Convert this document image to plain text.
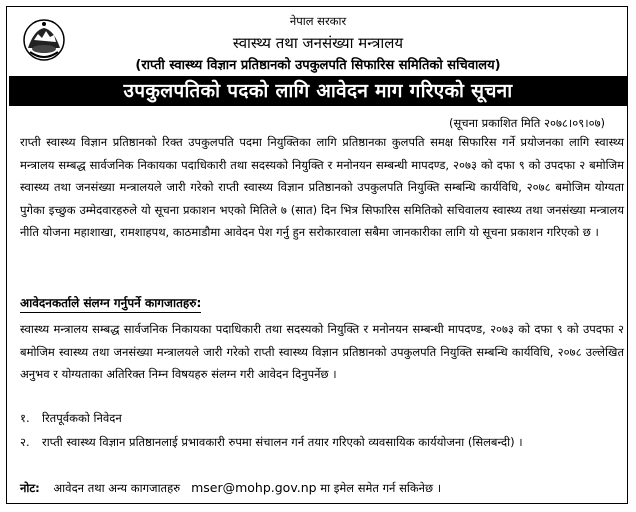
नेपाल सरकार
स्वास्थ्य तथा जनसंख्या मन्त्रालय
(राप्ती स्वास्थ्य विज्ञान प्रतिष्ठानको उपकुलपति सिफारिस समितिको सचिवालय)
उपकुलपतिको पदको लागि आवेदन माग गरिएको सूचना
(सूचना प्रकाशित मिति २०७८।०९।०७)

राप्ती स्वास्थ्य विज्ञान प्रतिष्ठानको रिक्त उपकुलपति पदमा नियुक्तिका लागि प्रतिष्ठानका कुलपति समक्ष सिफारिस गर्ने प्रयोजनका लागि स्वास्थ्य मन्त्रालय सम्बद्ध सार्वजनिक निकायका पदाधिकारी तथा सदस्यको नियुक्ति र मनोनयन सम्बन्धी मापदण्ड, २०७३ को दफा ९ को उपदफा २ बमोजिम स्वास्थ्य तथा जनसंख्या मन्त्रालयले जारी गरेको राप्ती स्वास्थ्य विज्ञान प्रतिष्ठानको उपकुलपति नियुक्ति सम्बन्धि कार्यविधि, २०७८ बमोजिम योग्यता पुगेका इच्छुक उम्मेदवारहरुले यो सूचना प्रकाशन भएको मितिले ७ (सात) दिन भित्र सिफारिस समितिको सचिवालय स्वास्थ्य तथा जनसंख्या मन्त्रालय नीति योजना महाशाखा, रामशाहपथ, काठमाडौमा आवेदन पेश गर्नु हुन सरोकारवाला सबैमा जानकारीका लागि यो सूचना प्रकाशन गरिएको छ ।

आवेदनकर्ताले संलग्न गर्नुपर्ने कागजातहरु:

स्वास्थ्य मन्त्रालय सम्बद्ध सार्वजनिक निकायका पदाधिकारी तथा सदस्यको नियुक्ति र मनोनयन सम्बन्धी मापदण्ड, २०७३ को दफा ९ को उपदफा २ बमोजिम स्वास्थ्य तथा जनसंख्या मन्त्रालयले जारी गरेको राप्ती स्वास्थ्य विज्ञान प्रतिष्ठानको उपकुलपति नियुक्ति सम्बन्धि कार्यविधि, २०७८ उल्लेखित अनुभव र योग्यताका अतिरिक्त निम्न विषयहरु संलग्न गरी आवेदन दिनुपर्नेछ ।

१. रितपूर्वकको निवेदन
२. राप्ती स्वास्थ्य विज्ञान प्रतिष्ठानलाई प्रभावकारी रुपमा संचालन गर्न तयार गरिएको व्यवसायिक कार्ययोजना (सिलबन्दी) ।
नोट: आवेदन तथा अन्य कागजातहरु mser@mohp.gov.np मा इमेल समेत गर्न सकिनेछ ।
